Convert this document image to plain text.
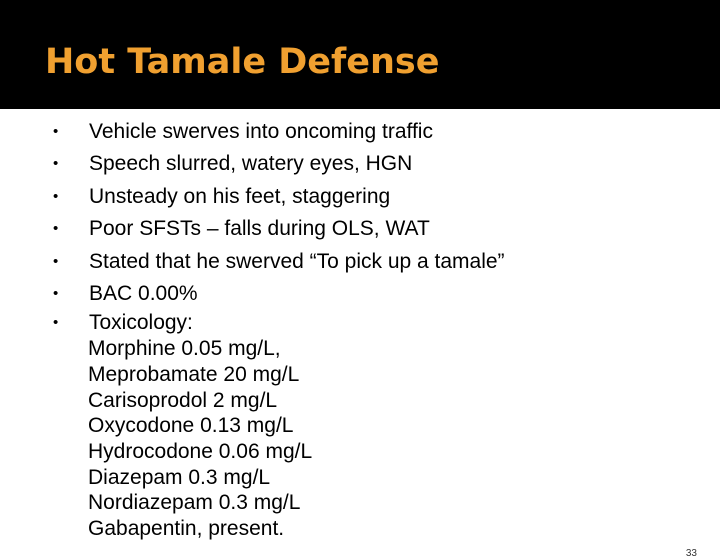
Hot Tamale Defense
•	Vehicle swerves into oncoming traffic
•	Speech slurred, watery eyes, HGN
•	Unsteady on his feet, staggering
•	Poor SFSTs – falls during OLS, WAT
•	Stated that he swerved “To pick up a tamale”
•	BAC 0.00%
•	Toxicology:
Morphine 0.05 mg/L,
Meprobamate 20 mg/L
Carisoprodol 2 mg/L
Oxycodone 0.13 mg/L
Hydrocodone 0.06 mg/L
Diazepam 0.3 mg/L
Nordiazepam 0.3 mg/L
Gabapentin, present.
33
